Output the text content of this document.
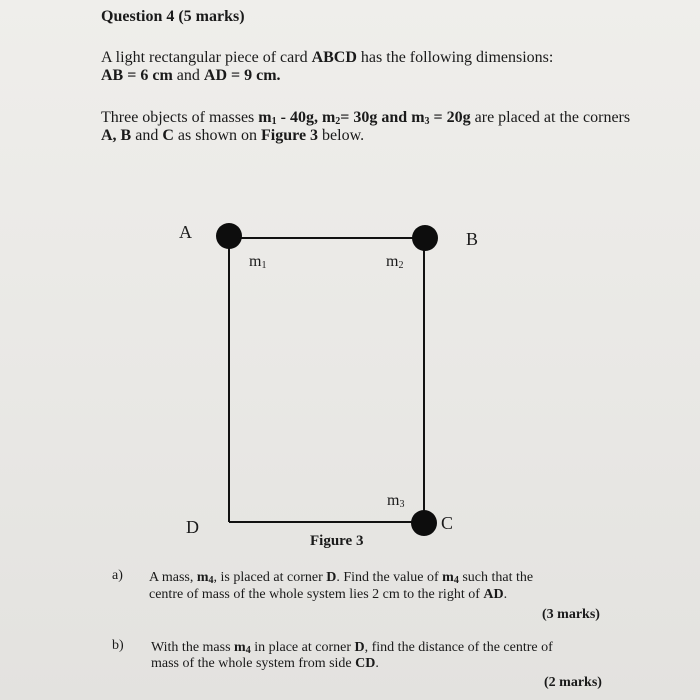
Question 4 (5 marks)
A light rectangular piece of card ABCD has the following dimensions:
AB = 6 cm and AD = 9 cm.
Three objects of masses $m_1 - 40g$, $m_2= 30g$ and $m_3 = 20g$ are placed at the corners
A, B and C as shown on Figure 3 below.
A	B
C
D
$m_1$	$m_2$
$m_3$
Figure 3
a) A mass, $m_4$, is placed at corner D. Find the value of $m_4$ such that the
centre of mass of the whole system lies 2 cm to the right of AD.
(3 marks)
b) With the mass $m_4$ in place at corner D, find the distance of the centre of
mass of the whole system from side CD.
(2 marks)
